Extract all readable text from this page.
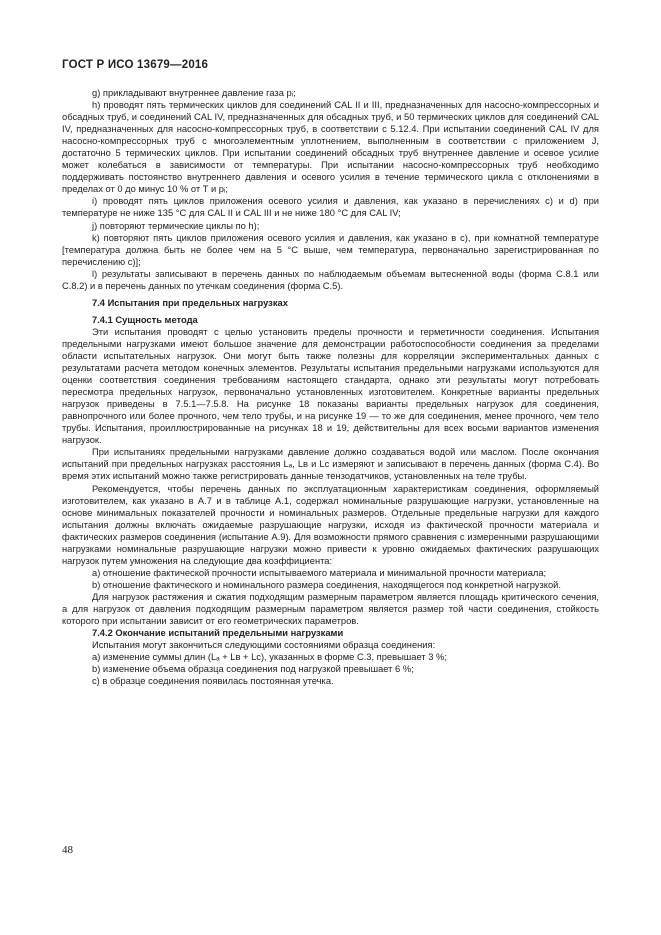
ГОСТ Р ИСО 13679—2016

g) прикладывают внутреннее давление газа pᵢ;

h) проводят пять термических циклов для соединений CAL II и III, предназначенных для насосно-компрессорных и обсадных труб, и соединений CAL IV, предназначенных для обсадных труб, и 50 термических циклов для соединений CAL IV, предназначенных для насосно-компрессорных труб, в соответствии с 5.12.4. При испытании соединений CAL IV для насосно-компрессорных труб с многоэлементным уплотнением, выполненным в соответствии с приложением J, достаточно 5 термических циклов. При испытании соединений обсадных труб внутреннее давление и осевое усилие может колебаться в зависимости от температуры. При испытании насосно-компрессорных труб необходимо поддерживать постоянство внутреннего давления и осевого усилия в течение термического цикла с отклонениями в пределах от 0 до минус 10 % от T и pᵢ;

i) проводят пять циклов приложения осевого усилия и давления, как указано в перечислениях с) и d) при температуре не ниже 135 °C для CAL II и CAL III и не ниже 180 °C для CAL IV;

j) повторяют термические циклы по h);

k) повторяют пять циклов приложения осевого усилия и давления, как указано в с), при комнатной температуре [температура должна быть не более чем на 5 °C выше, чем температура, первоначально зарегистрированная по перечислению с)];

l) результаты записывают в перечень данных по наблюдаемым объемам вытесненной воды (форма С.8.1 или С.8.2) и в перечень данных по утечкам соединения (форма С.5).

7.4 Испытания при предельных нагрузках

7.4.1 Сущность метода

Эти испытания проводят с целью установить пределы прочности и герметичности соединения. Испытания предельными нагрузками имеют большое значение для демонстрации работоспособности соединения за пределами области испытательных нагрузок. Они могут быть также полезны для корреляции экспериментальных данных с результатами расчета методом конечных элементов. Результаты испытания предельными нагрузками используются для оценки соответствия соединения требованиям настоящего стандарта, однако эти результаты могут потребовать пересмотра предельных нагрузок, первоначально установленных изготовителем. Конкретные варианты предельных нагрузок приведены в 7.5.1—7.5.8. На рисунке 18 показаны варианты предельных нагрузок для соединения, равнопрочного или более прочного, чем тело трубы, и на рисунке 19 — то же для соединения, менее прочного, чем тело трубы. Испытания, проиллюстрированные на рисунках 18 и 19, действительны для всех восьми вариантов изменения нагрузок.

При испытаниях предельными нагрузками давление должно создаваться водой или маслом. После окончания испытаний при предельных нагрузках расстояния Lₐ, Lʙ и Lᴄ измеряют и записывают в перечень данных (форма С.4). Во время этих испытаний можно также регистрировать данные тензодатчиков, установленных на теле трубы.

Рекомендуется, чтобы перечень данных по эксплуатационным характеристикам соединения, оформляемый изготовителем, как указано в А.7 и в таблице А.1, содержал номинальные разрушающие нагрузки, установленные на основе минимальных показателей прочности и номинальных размеров. Отдельные предельные нагрузки для каждого испытания должны включать ожидаемые разрушающие нагрузки, исходя из фактической прочности материала и фактических размеров соединения (испытание А.9). Для возможности прямого сравнения с измеренными разрушающими нагрузками номинальные разрушающие нагрузки можно привести к уровню ожидаемых фактических разрушающих нагрузок путем умножения на следующие два коэффициента:

а) отношение фактической прочности испытываемого материала и минимальной прочности материала;

b) отношение фактического и номинального размера соединения, находящегося под конкретной нагрузкой.

Для нагрузок растяжения и сжатия подходящим размерным параметром является площадь критического сечения, а для нагрузок от давления подходящим размерным параметром является размер той части соединения, стойкость которого при испытании зависит от его геометрических параметров.

7.4.2 Окончание испытаний предельными нагрузками

Испытания могут закончиться следующими состояниями образца соединения:

а) изменение суммы длин (Lₐ + Lʙ + Lᴄ), указанных в форме С.3, превышает 3 %;

b) изменение объема образца соединения под нагрузкой превышает 6 %;

с) в образце соединения появилась постоянная утечка.

48
